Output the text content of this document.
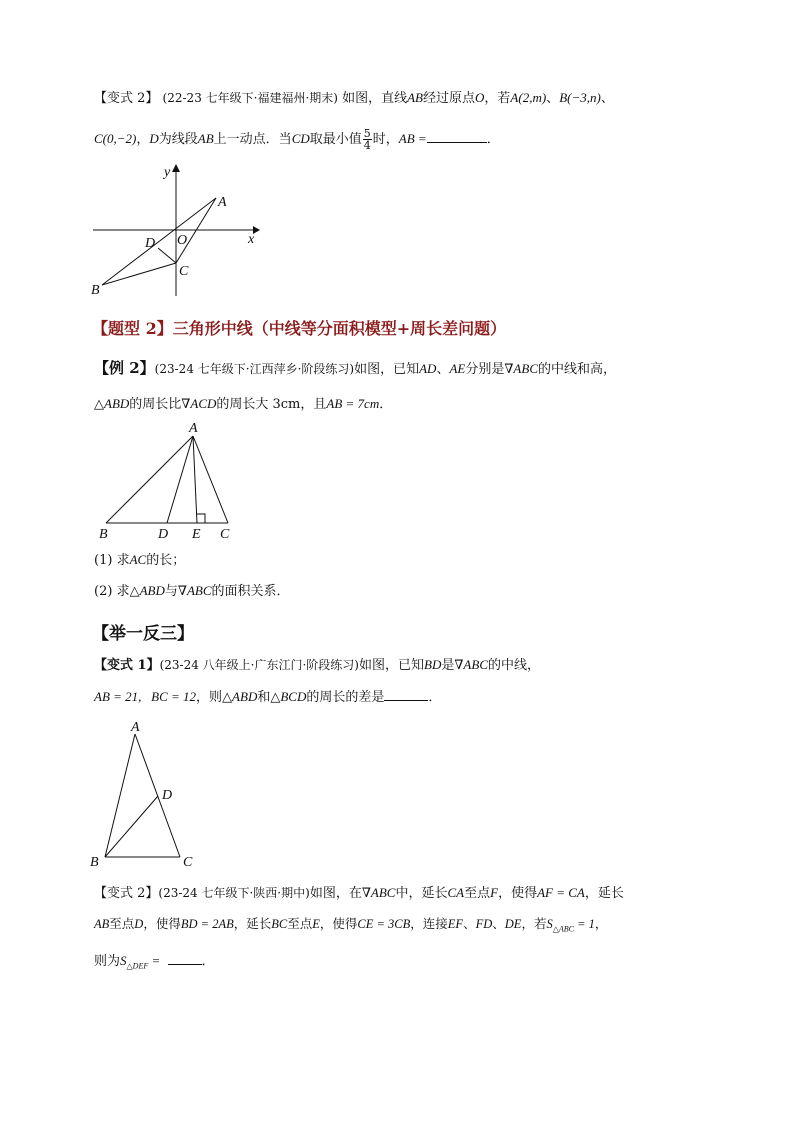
【变式 2】 (22-23 七年级下·福建福州·期末) 如图，直线AB经过原点O，若A(2,m)、B(−3,n)、
C(0,−2)，D为线段AB上一动点．当CD取最小值 $\frac{5}{4}$ 时，AB =	．
y
A
D O	x
C
B
【题型 2】三角形中线（中线等分面积模型+周长差问题）
【例 2】(23-24 七年级下·江西萍乡·阶段练习)如图，已知AD、AE分别是∇ABC的中线和高，
△ABD的周长比∇ACD的周长大 3cm，且AB = 7cm．
A
B	D E C
(1) 求AC的长；
(2) 求△ABD与∇ABC的面积关系．
【举一反三】
【变式 1】(23-24 八年级上·广东江门·阶段练习)如图，已知BD是∇ABC的中线，
AB = 21,   BC = 12，则△ABD和△BCD的周长的差是	．
A
D
B	C
【变式 2】(23-24 七年级下·陕西·期中)如图，在∇ABC中，延长CA至点F，使得AF = CA，延长
AB至点D，使得BD = 2AB，延长BC至点E，使得CE = 3CB，连接EF、FD、DE，若$S_{\triangle ABC} = 1$，
则为$S_{\triangle DEF}$ =	．
